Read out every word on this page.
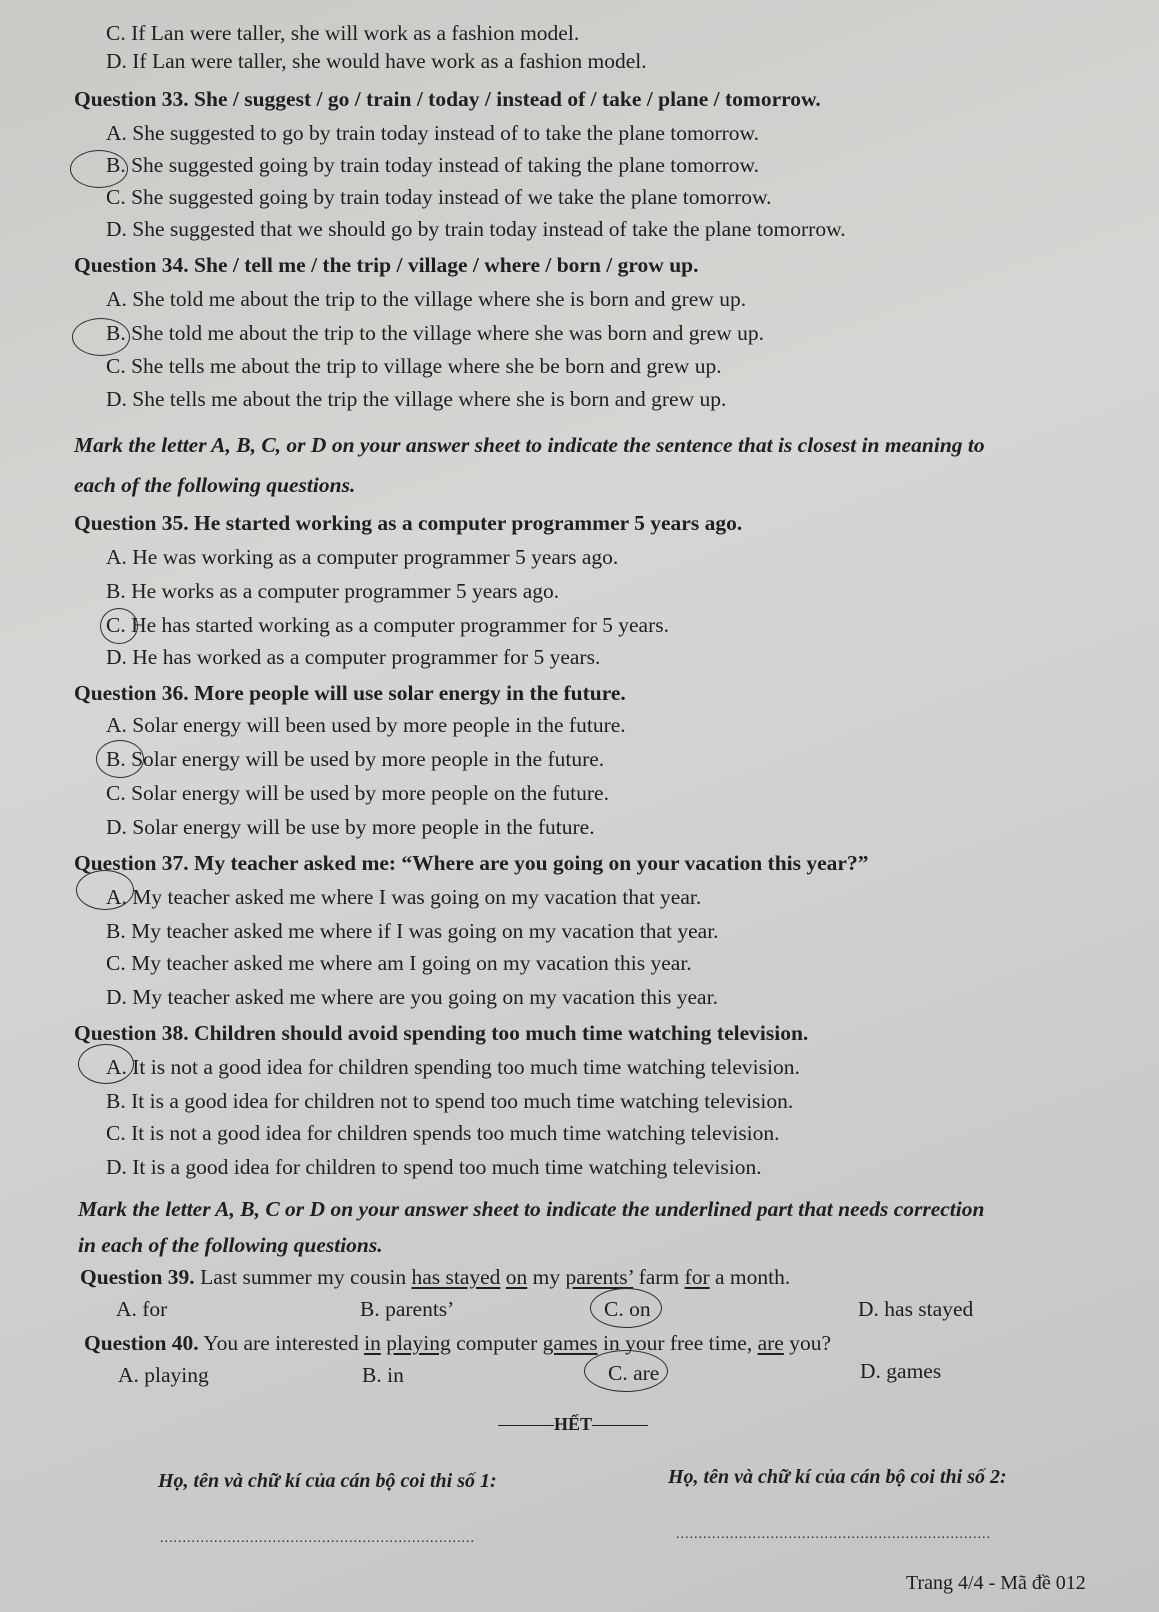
C. If Lan were taller, she will work as a fashion model.
D. If Lan were taller, she would have work as a fashion model.
Question 33. She / suggest / go / train / today / instead of / take / plane / tomorrow.
A. She suggested to go by train today instead of to take the plane tomorrow.
B. She suggested going by train today instead of taking the plane tomorrow.
C. She suggested going by train today instead of we take the plane tomorrow.
D. She suggested that we should go by train today instead of take the plane tomorrow.
Question 34. She / tell me / the trip / village / where / born / grow up.
A. She told me about the trip to the village where she is born and grew up.
B. She told me about the trip to the village where she was born and grew up.
C. She tells me about the trip to village where she be born and grew up.
D. She tells me about the trip the village where she is born and grew up.
Mark the letter A, B, C, or D on your answer sheet to indicate the sentence that is closest in meaning to
each of the following questions.
Question 35. He started working as a computer programmer 5 years ago.
A. He was working as a computer programmer 5 years ago.
B. He works as a computer programmer 5 years ago.
C. He has started working as a computer programmer for 5 years.
D. He has worked as a computer programmer for 5 years.
Question 36. More people will use solar energy in the future.
A. Solar energy will been used by more people in the future.
B. Solar energy will be used by more people in the future.
C. Solar energy will be used by more people on the future.
D. Solar energy will be use by more people in the future.
Question 37. My teacher asked me: “Where are you going on your vacation this year?”
A. My teacher asked me where I was going on my vacation that year.
B. My teacher asked me where if I was going on my vacation that year.
C. My teacher asked me where am I going on my vacation this year.
D. My teacher asked me where are you going on my vacation this year.
Question 38. Children should avoid spending too much time watching television.
A. It is not a good idea for children spending too much time watching television.
B. It is a good idea for children not to spend too much time watching television.
C. It is not a good idea for children spends too much time watching television.
D. It is a good idea for children to spend too much time watching television.
Mark the letter A, B, C or D on your answer sheet to indicate the underlined part that needs correction
in each of the following questions.
Question 39. Last summer my cousin has stayed on my parents’ farm for a month.
A. for	B. parents’	C. on	D. has stayed
Question 40. You are interested in playing computer games in your free time, are you?
A. playing	B. in	C. are	D. games
HẾT
Họ, tên và chữ kí của cán bộ coi thi số 1:	Họ, tên và chữ kí của cán bộ coi thi số 2:
......................................................................	......................................................................
Trang 4/4 - Mã đề 012
